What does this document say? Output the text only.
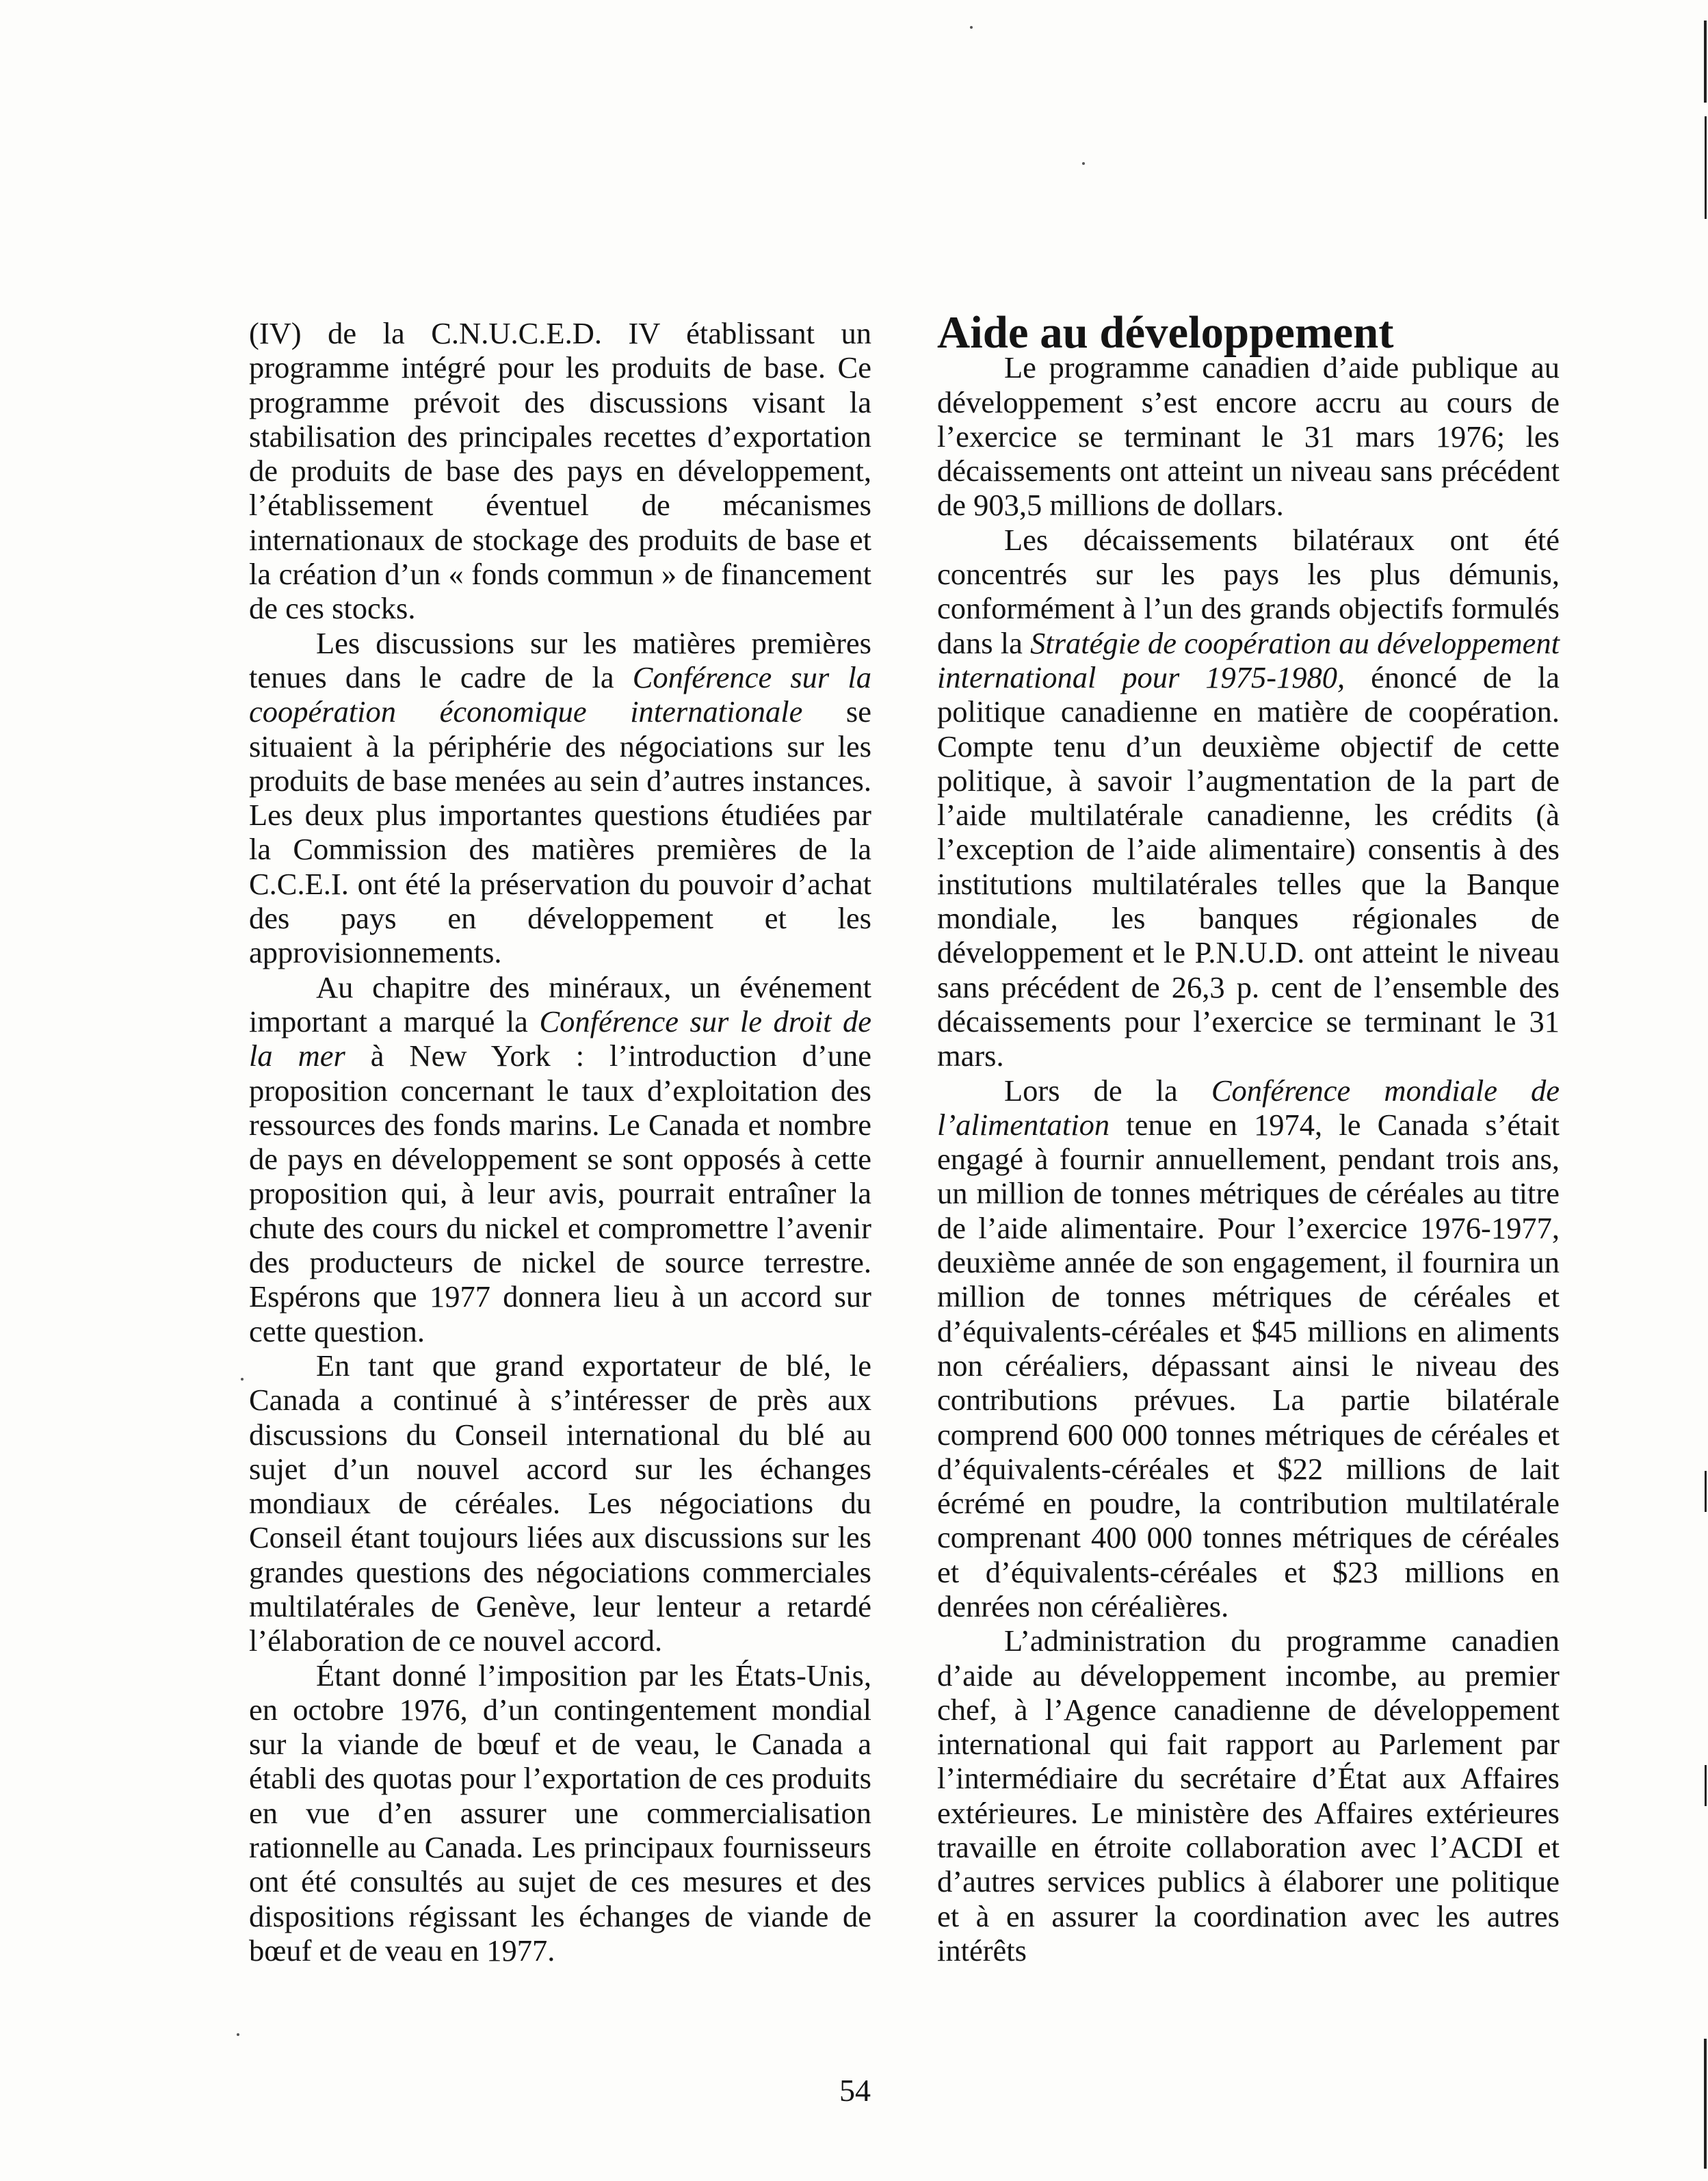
(IV) de la C.N.U.C.E.D. IV établissant un programme intégré pour les produits de base. Ce programme prévoit des discussions visant la stabilisation des principales recettes d’exportation de produits de base des pays en développement, l’établissement éventuel de mécanismes internationaux de stockage des produits de base et la création d’un « fonds commun » de financement de ces stocks.

Les discussions sur les matières premières tenues dans le cadre de la Conférence sur la coopération économique internationale se situaient à la périphérie des négociations sur les produits de base menées au sein d’autres instances. Les deux plus importantes questions étudiées par la Commission des matières premières de la C.C.E.I. ont été la préservation du pouvoir d’achat des pays en développement et les approvisionnements.

Au chapitre des minéraux, un événement important a marqué la Conférence sur le droit de la mer à New York : l’introduction d’une proposition concernant le taux d’exploitation des ressources des fonds marins. Le Canada et nombre de pays en développement se sont opposés à cette proposition qui, à leur avis, pourrait entraîner la chute des cours du nickel et compromettre l’avenir des producteurs de nickel de source terrestre. Espérons que 1977 donnera lieu à un accord sur cette question.

En tant que grand exportateur de blé, le Canada a continué à s’intéresser de près aux discussions du Conseil international du blé au sujet d’un nouvel accord sur les échanges mondiaux de céréales. Les négociations du Conseil étant toujours liées aux discussions sur les grandes questions des négociations commerciales multilatérales de Genève, leur lenteur a retardé l’élaboration de ce nouvel accord.

Étant donné l’imposition par les États-Unis, en octobre 1976, d’un contingentement mondial sur la viande de bœuf et de veau, le Canada a établi des quotas pour l’exportation de ces produits en vue d’en assurer une commercialisation rationnelle au Canada. Les principaux fournisseurs ont été consultés au sujet de ces mesures et des dispositions régissant les échanges de viande de bœuf et de veau en 1977.

Aide au développement

Le programme canadien d’aide publique au développement s’est encore accru au cours de l’exercice se terminant le 31 mars 1976; les décaissements ont atteint un niveau sans précédent de 903,5 millions de dollars.

Les décaissements bilatéraux ont été concentrés sur les pays les plus démunis, conformément à l’un des grands objectifs formulés dans la Stratégie de coopération au développement international pour 1975-1980, énoncé de la politique canadienne en matière de coopération. Compte tenu d’un deuxième objectif de cette politique, à savoir l’augmentation de la part de l’aide multilatérale canadienne, les crédits (à l’exception de l’aide alimentaire) consentis à des institutions multilatérales telles que la Banque mondiale, les banques régionales de développement et le P.N.U.D. ont atteint le niveau sans précédent de 26,3 p. cent de l’ensemble des décaissements pour l’exercice se terminant le 31 mars.

Lors de la Conférence mondiale de l’alimentation tenue en 1974, le Canada s’était engagé à fournir annuellement, pendant trois ans, un million de tonnes métriques de céréales au titre de l’aide alimentaire. Pour l’exercice 1976-1977, deuxième année de son engagement, il fournira un million de tonnes métriques de céréales et d’équivalents-céréales et $45 millions en aliments non céréaliers, dépassant ainsi le niveau des contributions prévues. La partie bilatérale comprend 600 000 tonnes métriques de céréales et d’équivalents-céréales et $22 millions de lait écrémé en poudre, la contribution multilatérale comprenant 400 000 tonnes métriques de céréales et d’équivalents-céréales et $23 millions en denrées non céréalières.

L’administration du programme canadien d’aide au développement incombe, au premier chef, à l’Agence canadienne de développement international qui fait rapport au Parlement par l’intermédiaire du secrétaire d’État aux Affaires extérieures. Le ministère des Affaires extérieures travaille en étroite collaboration avec l’ACDI et d’autres services publics à élaborer une politique et à en assurer la coordination avec les autres intérêts

54
